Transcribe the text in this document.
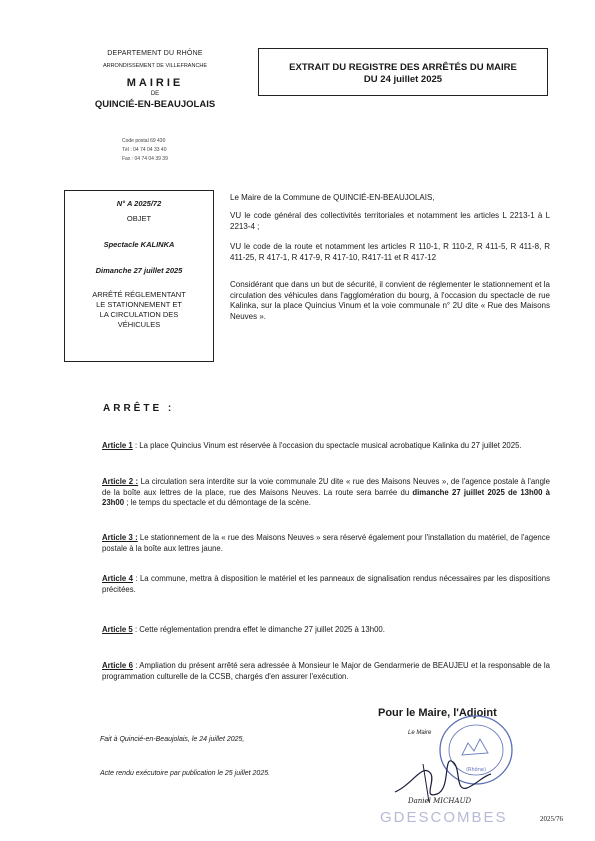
DEPARTEMENT DU RHÔNE
ARRONDISSEMENT DE VILLEFRANCHE
MAIRIE
DE
QUINCIÉ-EN-BEAUJOLAIS
Code postal 69 430
Tél : 04 74 04 33 40
Fax : 04 74 04 39 39
EXTRAIT DU REGISTRE DES ARRÊTÉS DU MAIRE
DU 24 juillet 2025
N° A 2025/72
OBJET
Spectacle KALINKA
Dimanche 27 juillet 2025
ARRÊTÉ RÉGLEMENTANT
LE STATIONNEMENT ET
LA CIRCULATION DES
VÉHICULES
Le Maire de la Commune de QUINCIÉ-EN-BEAUJOLAIS,
VU le code général des collectivités territoriales et notamment les articles L 2213-1 à L 2213-4 ;
VU le code de la route et notamment les articles R 110-1, R 110-2, R 411-5, R 411-8, R 411-25, R 417-1, R 417-9, R 417-10, R417-11 et R 417-12
Considérant que dans un but de sécurité, il convient de réglementer le stationnement et la circulation des véhicules dans l'agglomération du bourg, à l'occasion du spectacle de rue Kalinka, sur la place Quincius Vinum et la voie communale n° 2U dite « Rue des Maisons Neuves ».
ARRÊTE :
Article 1 : La place Quincius Vinum est réservée à l'occasion du spectacle musical acrobatique Kalinka du 27 juillet 2025.
Article 2 : La circulation sera interdite sur la voie communale 2U dite « rue des Maisons Neuves », de l'agence postale à l'angle de la boîte aux lettres de la place, rue des Maisons Neuves. La route sera barrée du dimanche 27 juillet 2025 de 13h00 à 23h00 ; le temps du spectacle et du démontage de la scène.
Article 3 : Le stationnement de la « rue des Maisons Neuves » sera réservé également pour l'installation du matériel, de l'agence postale à la boîte aux lettres jaune.
Article 4 : La commune, mettra à disposition le matériel et les panneaux de signalisation rendus nécessaires par les dispositions précitées.
Article 5 : Cette réglementation prendra effet le dimanche 27 juillet 2025 à 13h00.
Article 6 : Ampliation du présent arrêté sera adressée à Monsieur le Major de Gendarmerie de BEAUJEU et la responsable de la programmation culturelle de la CCSB, chargés d'en assurer l'exécution.
Pour le Maire, l'Adjoint
Le Maire
Fait à Quincié-en-Beaujolais, le 24 juillet 2025,
Acte rendu exécutoire par publication le 25 juillet 2025.	(Rhône)
Daniel MICHAUD
GDESCOMBES	2025/76
